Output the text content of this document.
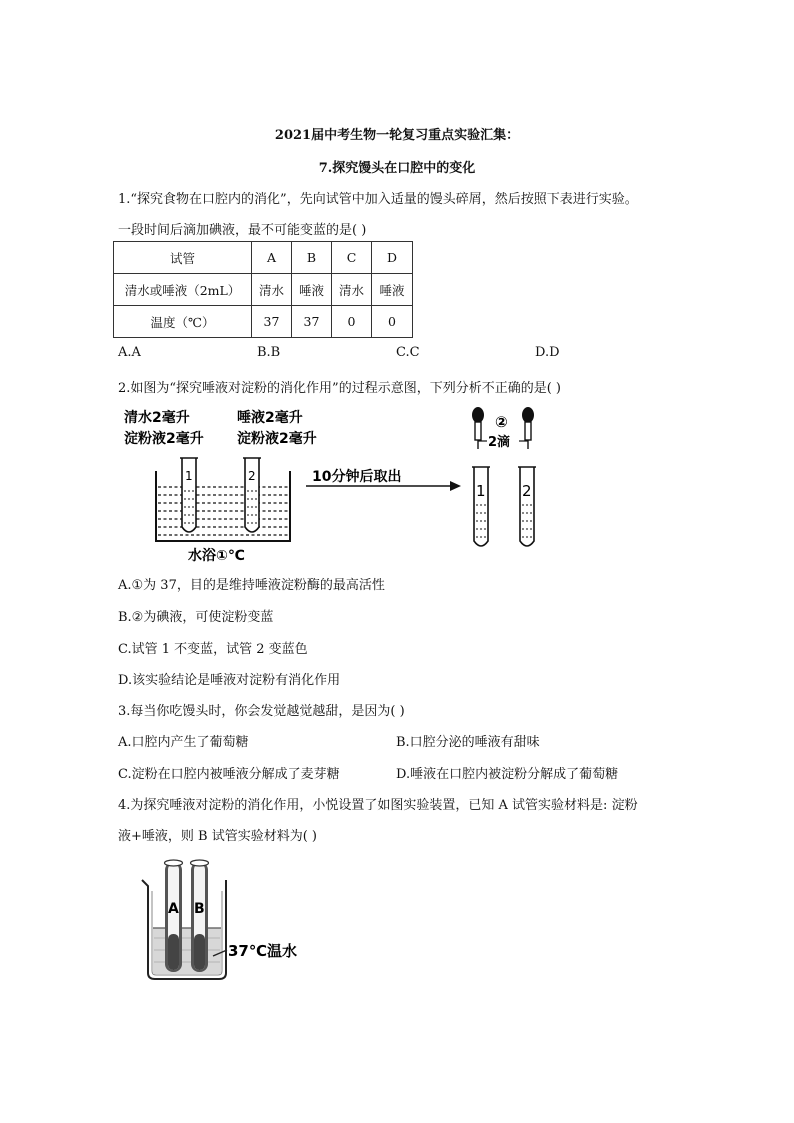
2021届中考生物一轮复习重点实验汇集：
7.探究馒头在口腔中的变化
1.“探究食物在口腔内的消化”，先向试管中加入适量的馒头碎屑，然后按照下表进行实验。
一段时间后滴加碘液，最不可能变蓝的是( )
试管	A	B	C	D
清水或唾液（2mL）	清水	唾液	清水	唾液
温度（℃）	37	37	0	0
A.A	B.B	C.C	D.D
2.如图为“探究唾液对淀粉的消化作用”的过程示意图，下列分析不正确的是( )
清水2毫升
淀粉液2毫升
唾液2毫升
淀粉液2毫升
1	2
水浴①℃
10分钟后取出
②
2滴
1 2
A.①为 37，目的是维持唾液淀粉酶的最高活性
B.②为碘液，可使淀粉变蓝
C.试管 1 不变蓝，试管 2 变蓝色
D.该实验结论是唾液对淀粉有消化作用
3.每当你吃馒头时，你会发觉越觉越甜，是因为( )
A.口腔内产生了葡萄糖	B.口腔分泌的唾液有甜味
C.淀粉在口腔内被唾液分解成了麦芽糖	D.唾液在口腔内被淀粉分解成了葡萄糖
4.为探究唾液对淀粉的消化作用，小悦设置了如图实验装置，已知 A 试管实验材料是: 淀粉
液+唾液，则 B 试管实验材料为( )
A B
37℃温水
